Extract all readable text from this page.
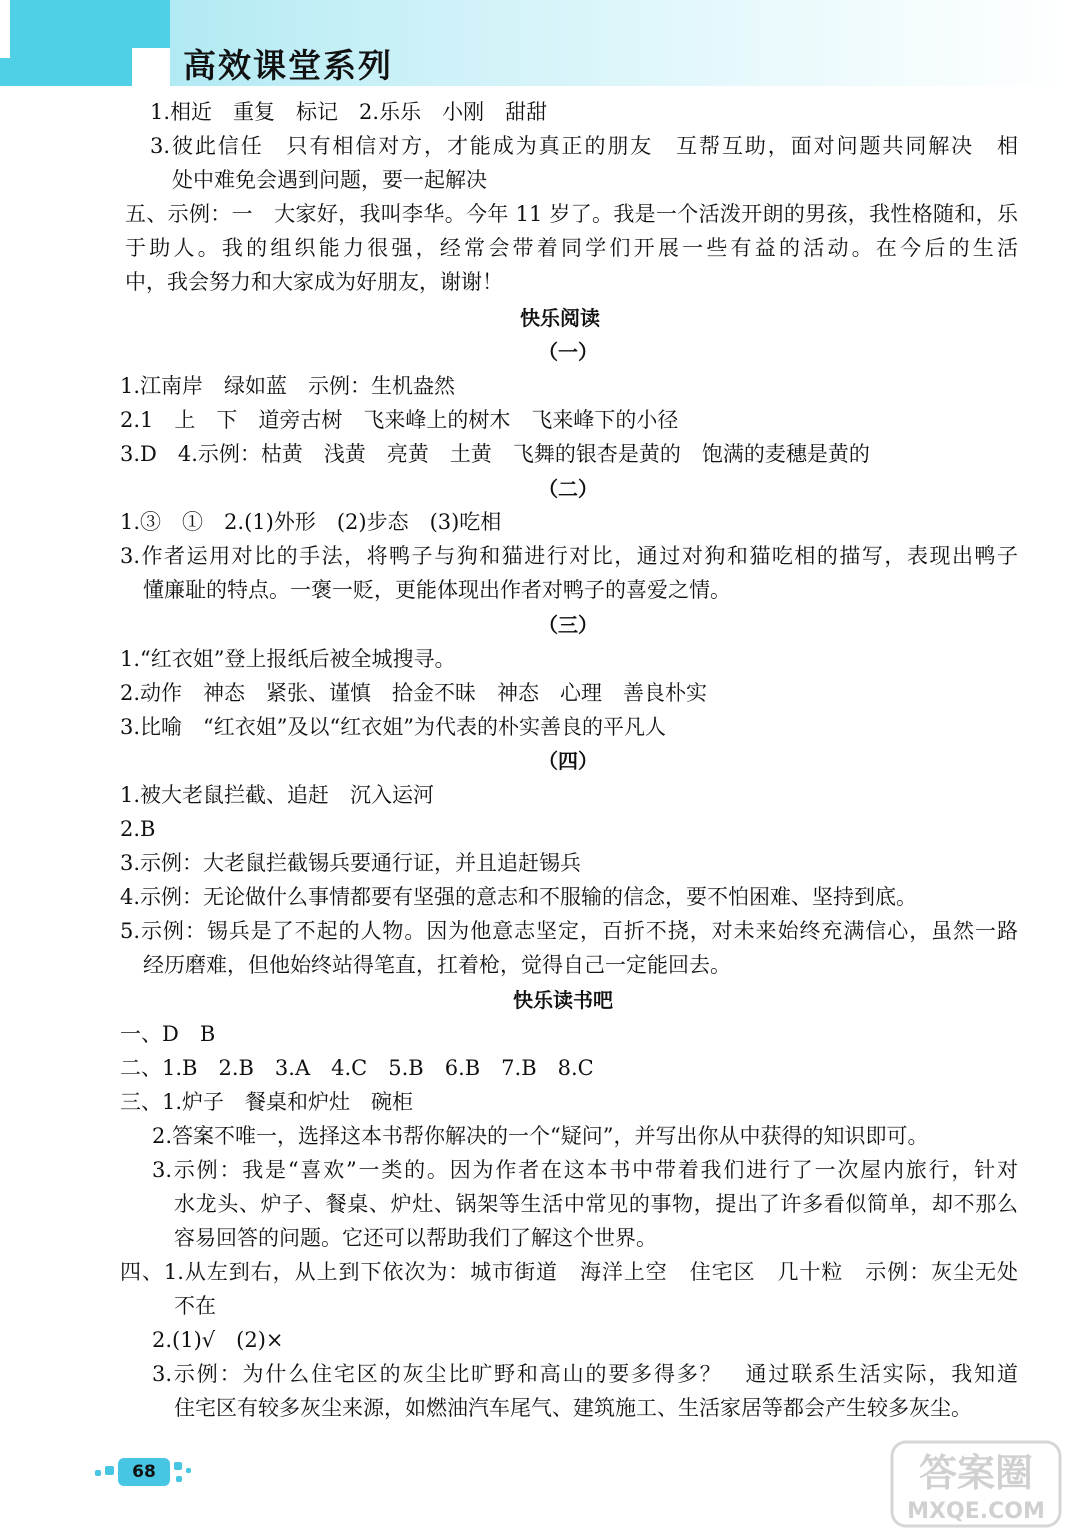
高效课堂系列
1.相近　重复　标记　2.乐乐　小刚　甜甜
3.彼此信任　只有相信对方，才能成为真正的朋友　互帮互助，面对问题共同解决　相
处中难免会遇到问题，要一起解决
五、示例：一　大家好，我叫李华。今年 11 岁了。我是一个活泼开朗的男孩，我性格随和，乐
于助人。我的组织能力很强，经常会带着同学们开展一些有益的活动。在今后的生活
中，我会努力和大家成为好朋友，谢谢！
快乐阅读
（一）
1.江南岸　绿如蓝　示例：生机盎然
2.1　上　下　道旁古树　飞来峰上的树木　飞来峰下的小径
3.D　4.示例：枯黄　浅黄　亮黄　土黄　飞舞的银杏是黄的　饱满的麦穗是黄的
（二）
1.③　①　2.(1)外形　(2)步态　(3)吃相
3.作者运用对比的手法，将鸭子与狗和猫进行对比，通过对狗和猫吃相的描写，表现出鸭子
懂廉耻的特点。一褒一贬，更能体现出作者对鸭子的喜爱之情。
（三）
1.“红衣姐”登上报纸后被全城搜寻。
2.动作　神态　紧张、谨慎　拾金不昧　神态　心理　善良朴实
3.比喻　“红衣姐”及以“红衣姐”为代表的朴实善良的平凡人
（四）
1.被大老鼠拦截、追赶　沉入运河
2.B
3.示例：大老鼠拦截锡兵要通行证，并且追赶锡兵
4.示例：无论做什么事情都要有坚强的意志和不服输的信念，要不怕困难、坚持到底。
5.示例：锡兵是了不起的人物。因为他意志坚定，百折不挠，对未来始终充满信心，虽然一路
经历磨难，但他始终站得笔直，扛着枪，觉得自己一定能回去。
快乐读书吧
一、D　B
二、1.B　2.B　3.A　4.C　5.B　6.B　7.B　8.C
三、1.炉子　餐桌和炉灶　碗柜
2.答案不唯一，选择这本书帮你解决的一个“疑问”，并写出你从中获得的知识即可。
3.示例：我是“喜欢”一类的。因为作者在这本书中带着我们进行了一次屋内旅行，针对
水龙头、炉子、餐桌、炉灶、锅架等生活中常见的事物，提出了许多看似简单，却不那么
容易回答的问题。它还可以帮助我们了解这个世界。
四、1.从左到右，从上到下依次为：城市街道　海洋上空　住宅区　几十粒　示例：灰尘无处
不在
2.(1)√　(2)×
3.示例：为什么住宅区的灰尘比旷野和高山的要多得多？　通过联系生活实际，我知道
住宅区有较多灰尘来源，如燃油汽车尾气、建筑施工、生活家居等都会产生较多灰尘。
68	答案圈
MXQE.COM
